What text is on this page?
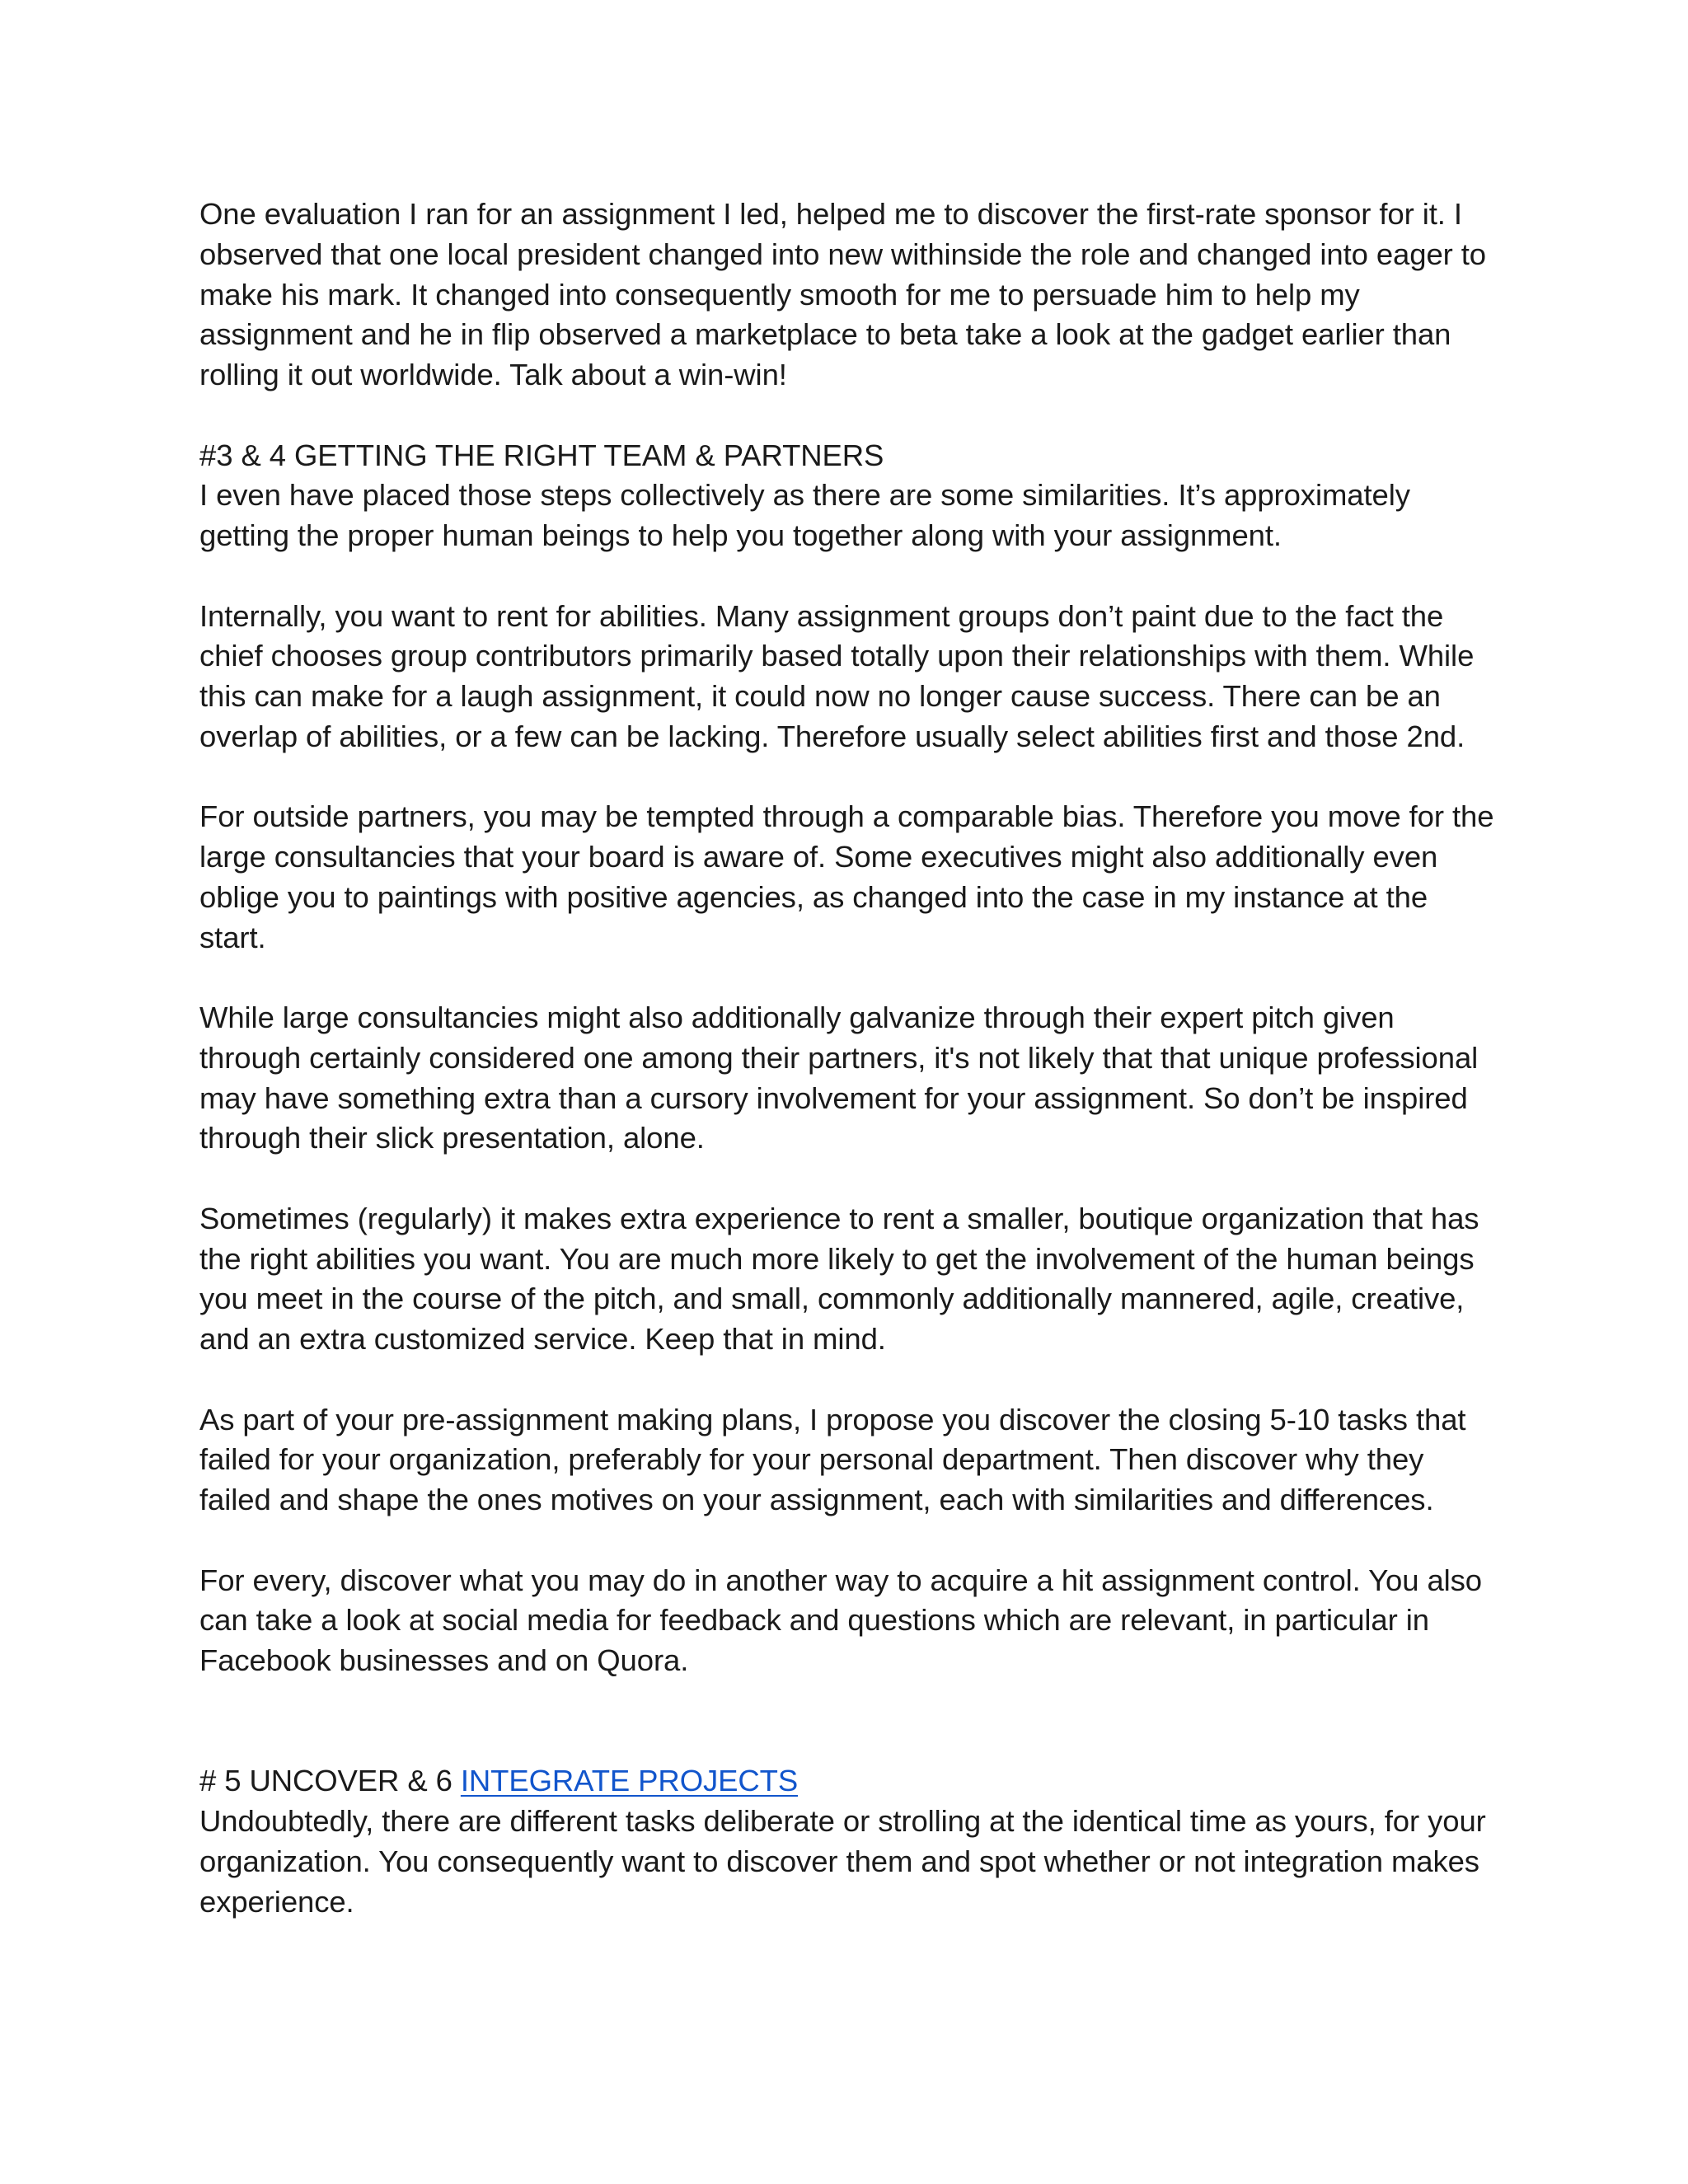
One evaluation I ran for an assignment I led, helped me to discover the first-rate sponsor for it. I observed that one local president changed into new withinside the role and changed into eager to make his mark. It changed into consequently smooth for me to persuade him to help my assignment and he in flip observed a marketplace to beta take a look at the gadget earlier than rolling it out worldwide. Talk about a win-win!

#3 & 4 GETTING THE RIGHT TEAM & PARTNERS

I even have placed those steps collectively as there are some similarities. It’s approximately getting the proper human beings to help you together along with your assignment.

Internally, you want to rent for abilities. Many assignment groups don’t paint due to the fact the chief chooses group contributors primarily based totally upon their relationships with them. While this can make for a laugh assignment, it could now no longer cause success. There can be an overlap of abilities, or a few can be lacking. Therefore usually select abilities first and those 2nd.

For outside partners, you may be tempted through a comparable bias. Therefore you move for the large consultancies that your board is aware of. Some executives might also additionally even oblige you to paintings with positive agencies, as changed into the case in my instance at the start.

While large consultancies might also additionally galvanize through their expert pitch given through certainly considered one among their partners, it's not likely that that unique professional may have something extra than a cursory involvement for your assignment. So don’t be inspired through their slick presentation, alone.

Sometimes (regularly) it makes extra experience to rent a smaller, boutique organization that has the right abilities you want. You are much more likely to get the involvement of the human beings you meet in the course of the pitch, and small, commonly additionally mannered, agile, creative, and an extra customized service. Keep that in mind.

As part of your pre-assignment making plans, I propose you discover the closing 5-10 tasks that failed for your organization, preferably for your personal department. Then discover why they failed and shape the ones motives on your assignment, each with similarities and differences.

For every, discover what you may do in another way to acquire a hit assignment control. You also can take a look at social media for feedback and questions which are relevant, in particular in Facebook businesses and on Quora.

# 5 UNCOVER & 6 INTEGRATE PROJECTS

Undoubtedly, there are different tasks deliberate or strolling at the identical time as yours, for your organization. You consequently want to discover them and spot whether or not integration makes experience.
